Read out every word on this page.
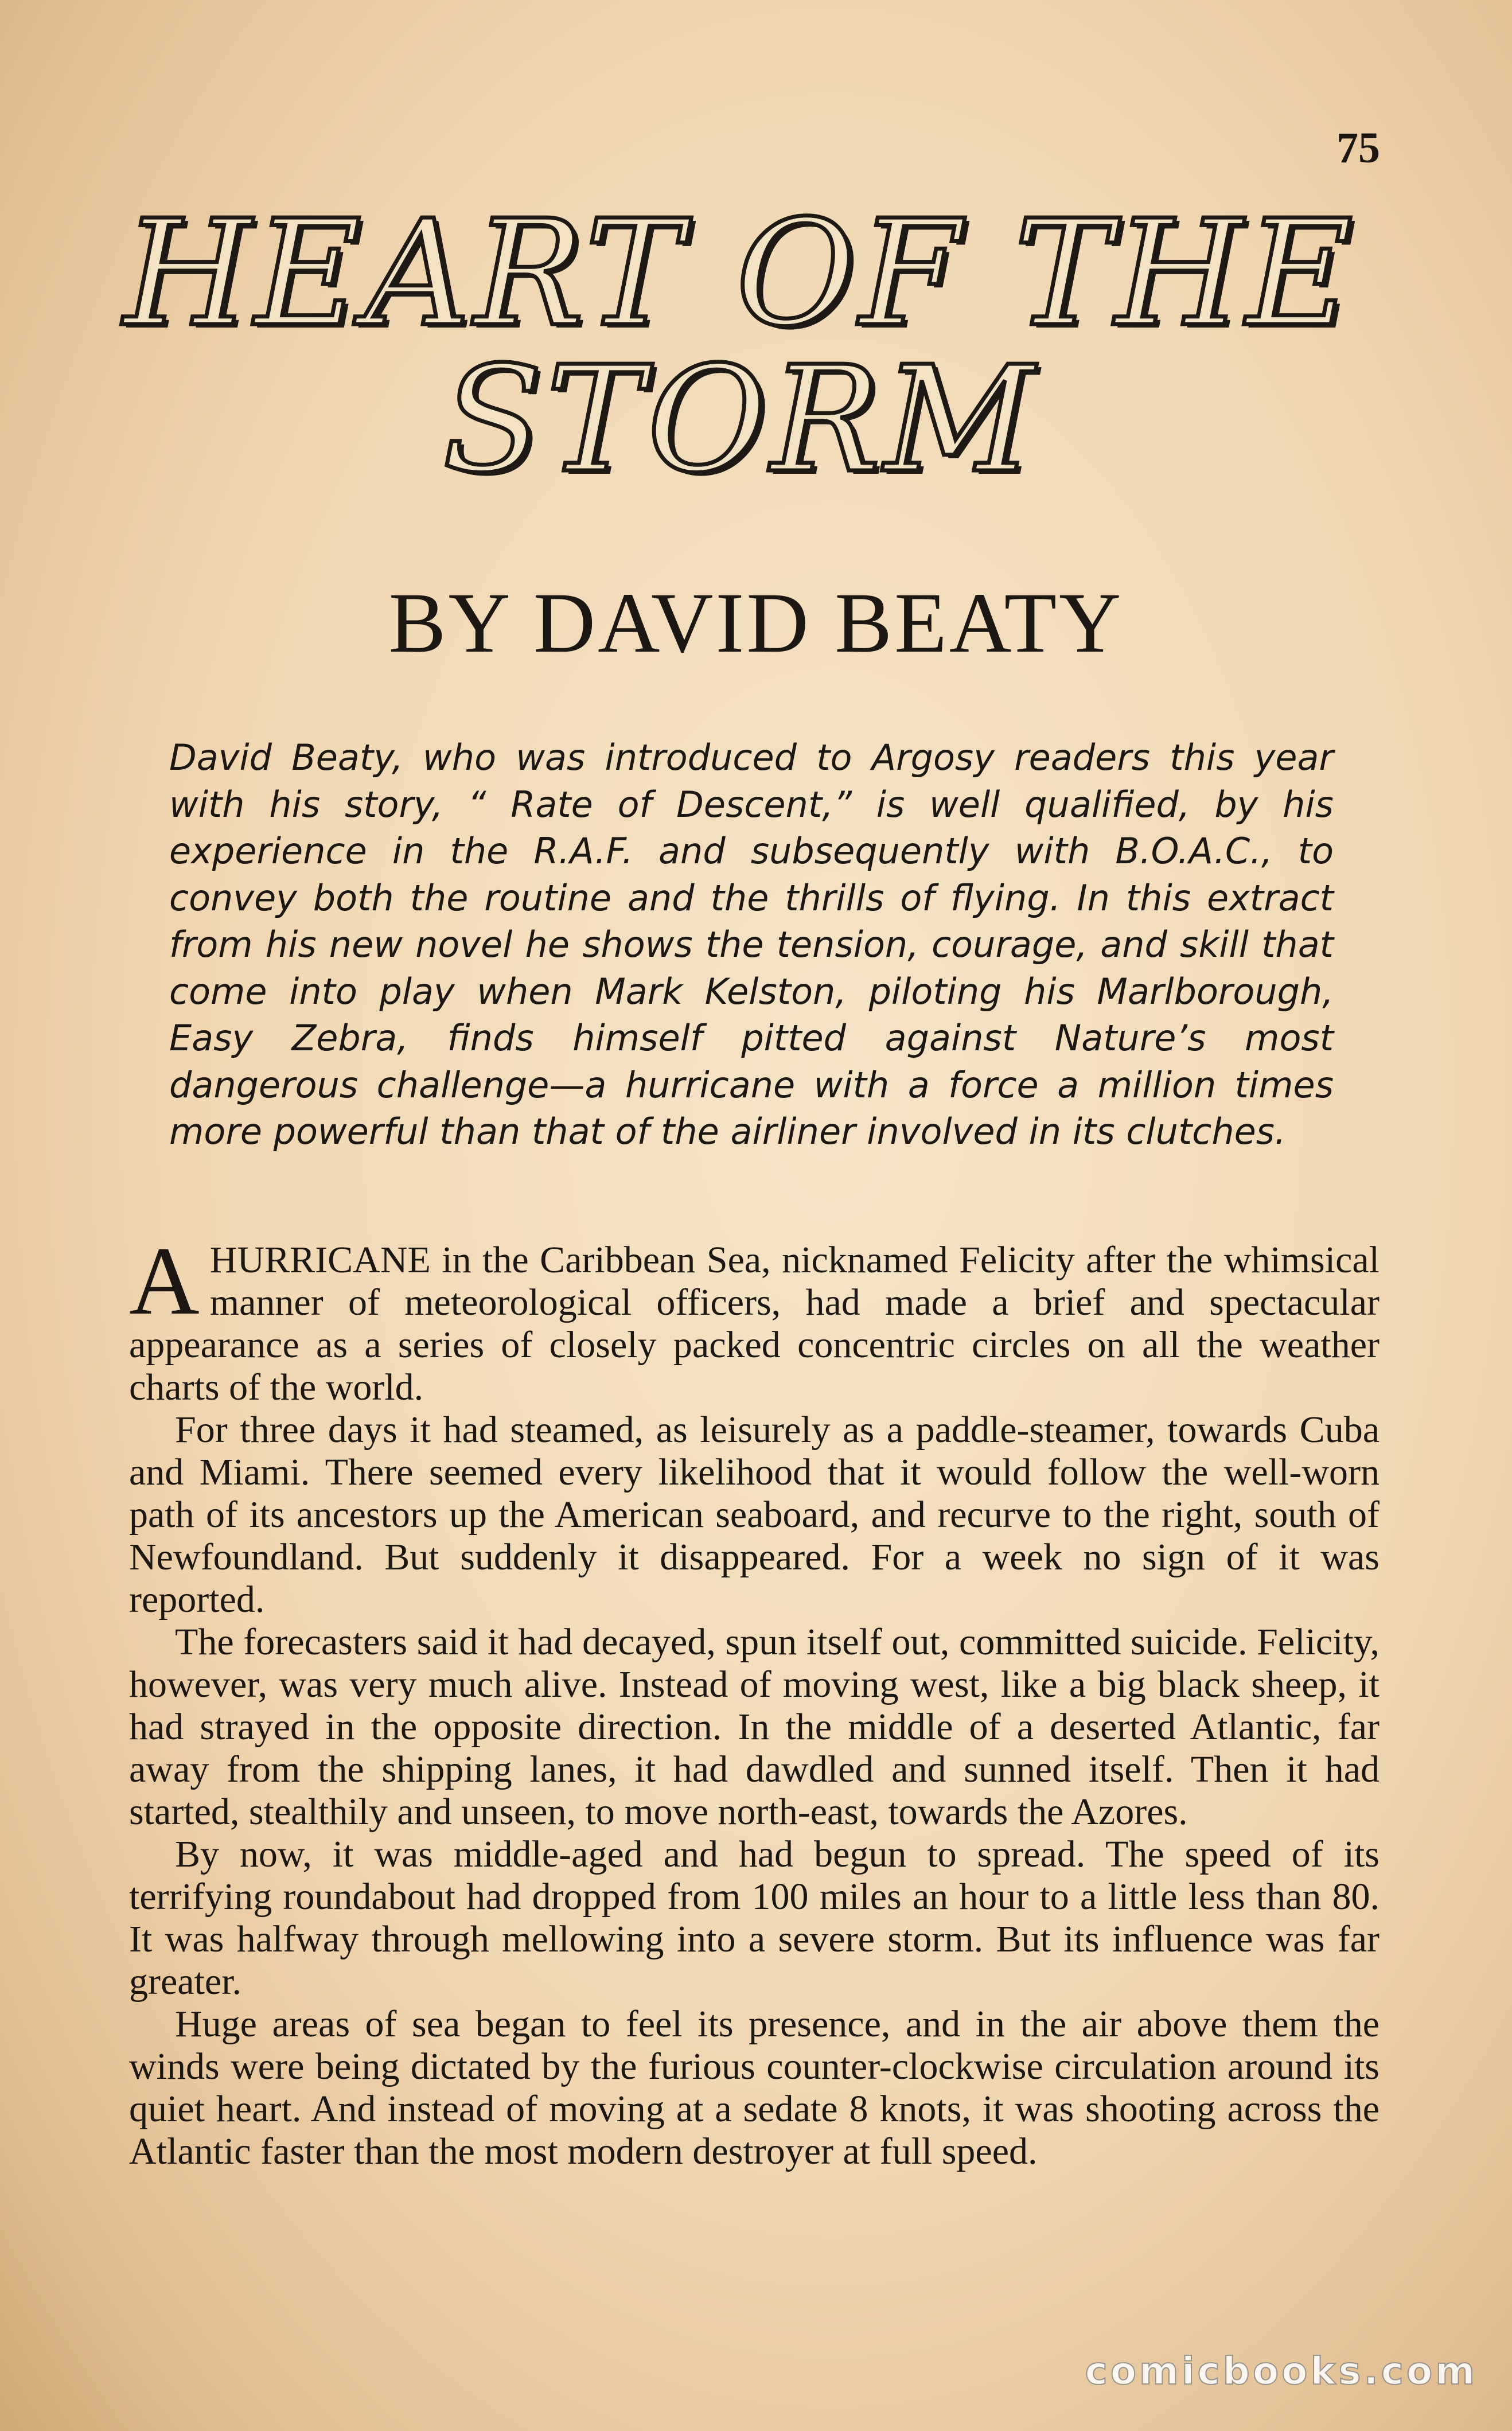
75
HEART OF THE
STORM
BY DAVID BEATY
David Beaty, who was introduced to Argosy readers this year with his story, “ Rate of Descent,” is well qualified, by his experience in the R.A.F. and subsequently with B.O.A.C., to convey both the routine and the thrills of flying. In this extract from his new novel he shows the tension, courage, and skill that come into play when Mark Kelston, piloting his Marlborough, Easy Zebra, finds himself pitted against Nature’s most dangerous challenge—a hurricane with a force a million times more powerful than that of the airliner involved in its clutches.

AHURRICANE in the Caribbean Sea, nicknamed Felicity after the whimsical manner of meteorological officers, had made a brief and spectacular appearance as a series of closely packed concentric circles on all the weather charts of the world.

For three days it had steamed, as leisurely as a paddle-steamer, towards Cuba and Miami. There seemed every likelihood that it would follow the well-worn path of its ancestors up the American seaboard, and recurve to the right, south of Newfoundland. But suddenly it disappeared. For a week no sign of it was reported.

The forecasters said it had decayed, spun itself out, committed suicide. Felicity, however, was very much alive. Instead of moving west, like a big black sheep, it had strayed in the opposite direction. In the middle of a deserted Atlantic, far away from the shipping lanes, it had dawdled and sunned itself. Then it had started, stealthily and unseen, to move north-east, towards the Azores.

By now, it was middle-aged and had begun to spread. The speed of its terrifying roundabout had dropped from 100 miles an hour to a little less than 80. It was halfway through mellowing into a severe storm. But its influence was far greater.

Huge areas of sea began to feel its presence, and in the air above them the winds were being dictated by the furious counter-clockwise circulation around its quiet heart. And instead of moving at a sedate 8 knots, it was shooting across the Atlantic faster than the most modern destroyer at full speed.

comicbooks.com
